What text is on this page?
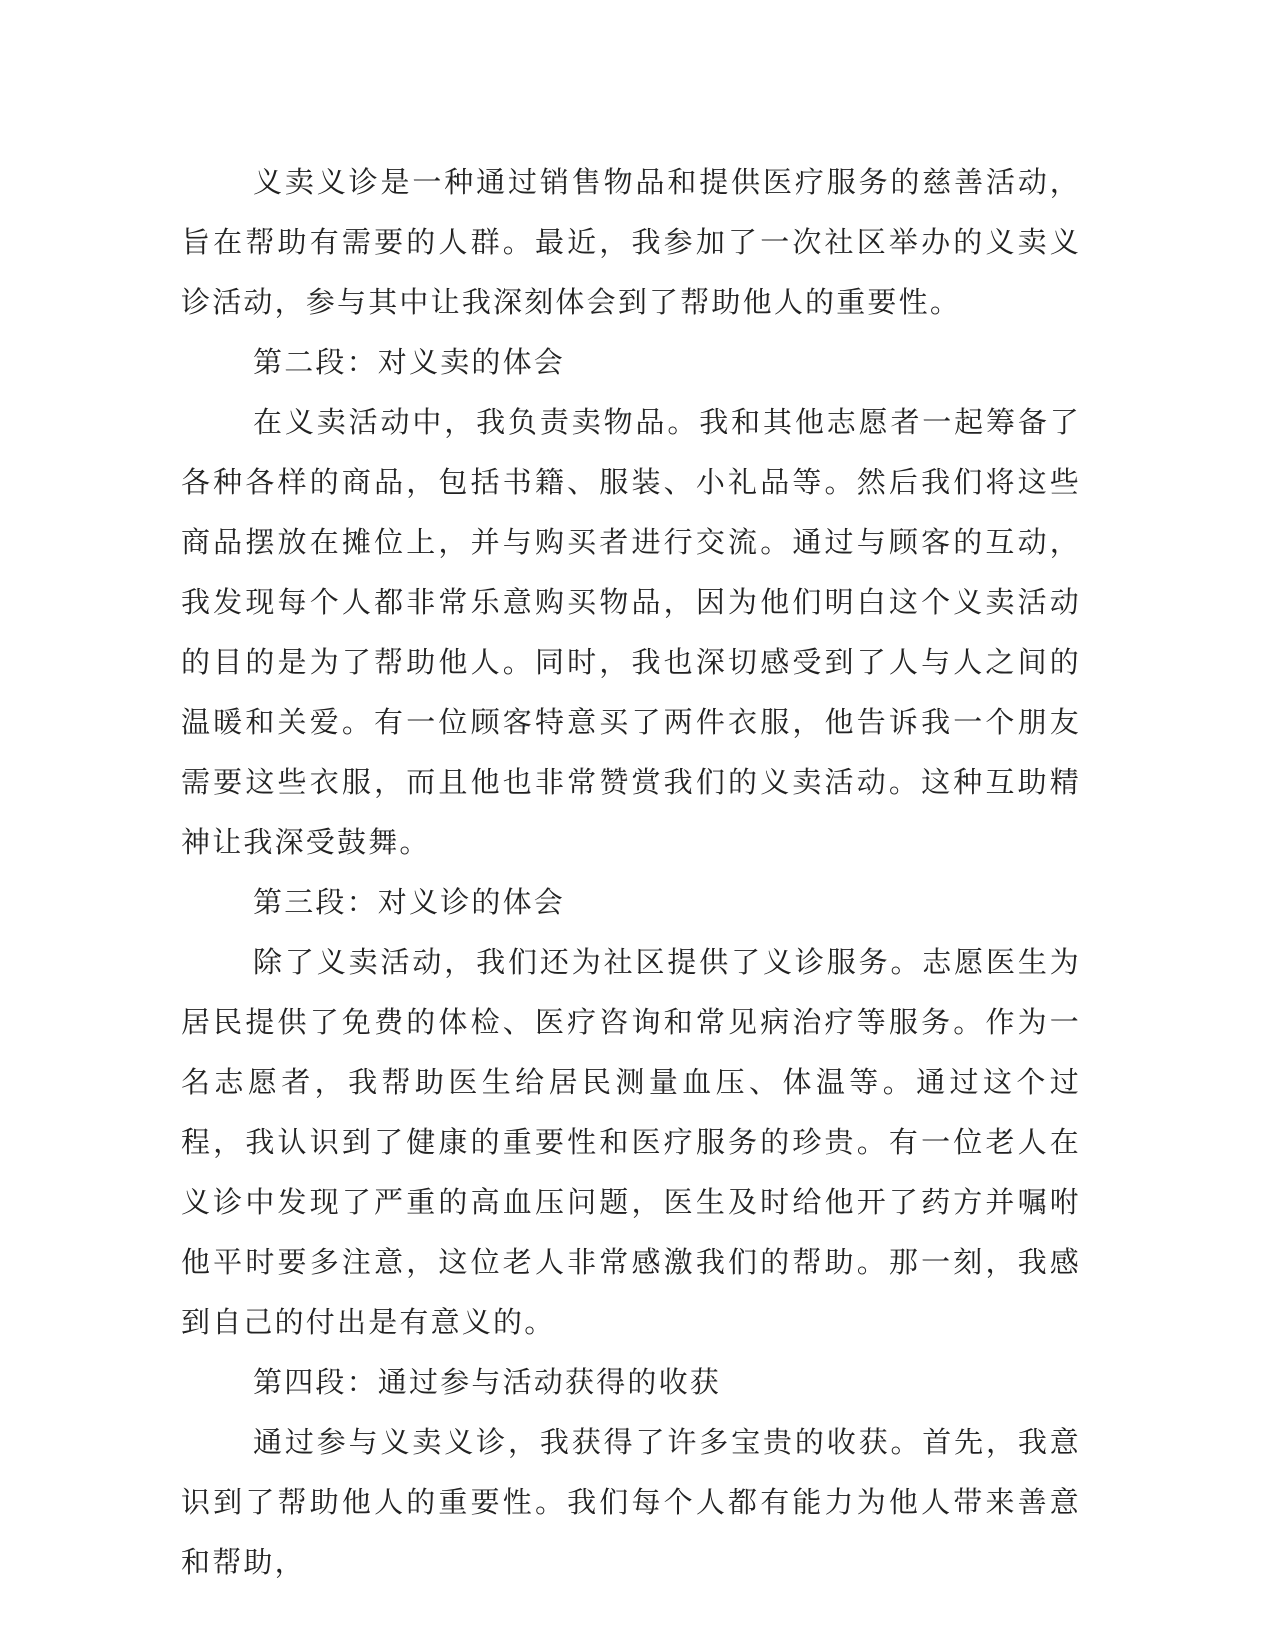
义卖义诊是一种通过销售物品和提供医疗服务的慈善活动，旨在帮助有需要的人群。最近，我参加了一次社区举办的义卖义诊活动，参与其中让我深刻体会到了帮助他人的重要性。

第二段：对义卖的体会

在义卖活动中，我负责卖物品。我和其他志愿者一起筹备了各种各样的商品，包括书籍、服装、小礼品等。然后我们将这些商品摆放在摊位上，并与购买者进行交流。通过与顾客的互动，我发现每个人都非常乐意购买物品，因为他们明白这个义卖活动的目的是为了帮助他人。同时，我也深切感受到了人与人之间的温暖和关爱。有一位顾客特意买了两件衣服，他告诉我一个朋友需要这些衣服，而且他也非常赞赏我们的义卖活动。这种互助精神让我深受鼓舞。

第三段：对义诊的体会

除了义卖活动，我们还为社区提供了义诊服务。志愿医生为居民提供了免费的体检、医疗咨询和常见病治疗等服务。作为一名志愿者，我帮助医生给居民测量血压、体温等。通过这个过程，我认识到了健康的重要性和医疗服务的珍贵。有一位老人在义诊中发现了严重的高血压问题，医生及时给他开了药方并嘱咐他平时要多注意，这位老人非常感激我们的帮助。那一刻，我感到自己的付出是有意义的。

第四段：通过参与活动获得的收获

通过参与义卖义诊，我获得了许多宝贵的收获。首先，我意识到了帮助他人的重要性。我们每个人都有能力为他人带来善意和帮助，
